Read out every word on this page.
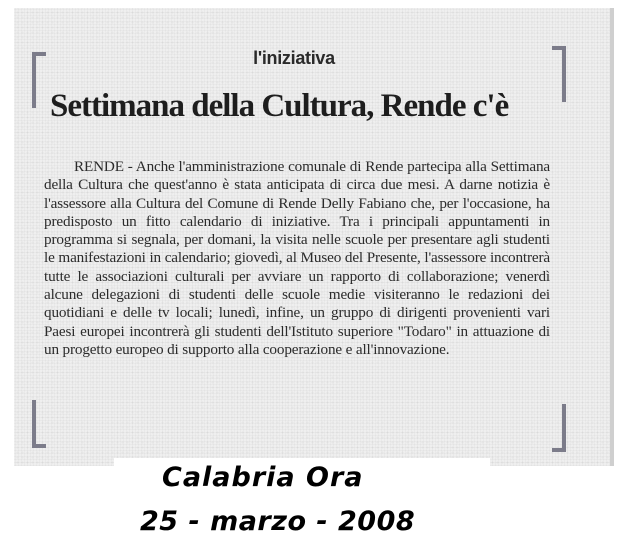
l'iniziativa
Settimana della Cultura, Rende c'è
RENDE - Anche l'amministrazione comunale di Rende partecipa alla Settimana della Cultura che quest'anno è stata anticipata di circa due mesi. A darne notizia è l'assessore alla Cultura del Comune di Rende Delly Fabiano che, per l'occasione, ha predisposto un fitto calendario di iniziative. Tra i principali appuntamenti in programma si segnala, per domani, la visita nelle scuole per presentare agli studenti le manifestazioni in calendario; giovedì, al Museo del Presente, l'assessore incontrerà tutte le associazioni culturali per avviare un rapporto di collaborazione; venerdì alcune delegazioni di studenti delle scuole medie visiteranno le redazioni dei quotidiani e delle tv locali; lunedì, infine, un gruppo di dirigenti provenienti vari Paesi europei incontrerà gli studenti dell'Istituto superiore "Todaro" in attuazione di un progetto europeo di supporto alla cooperazione e all'innovazione.
Calabria Ora
25 - marzo - 2008
